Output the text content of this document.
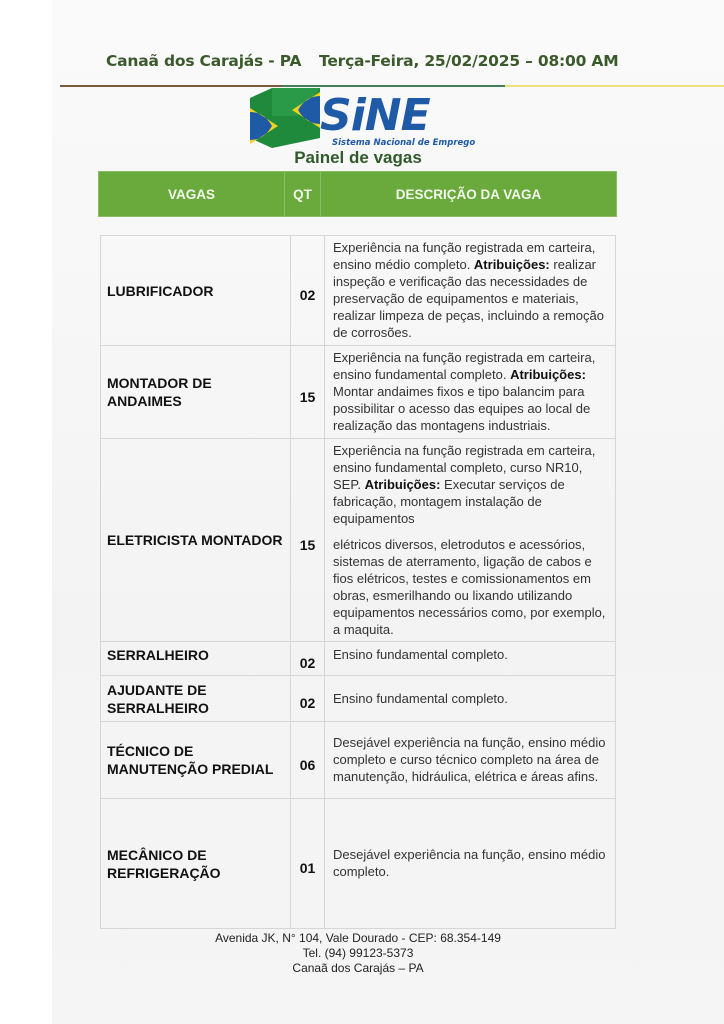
Canaã dos Carajás - PA Terça-Feira, 25/02/2025 – 08:00 AM
SiNE
Sistema Nacional de Emprego
Painel de vagas
VAGAS	QT	DESCRIÇÃO DA VAGA
LUBRIFICADOR	02	Experiência na função registrada em carteira, ensino médio completo. Atribuições: realizar inspeção e verificação das necessidades de preservação de equipamentos e materiais, realizar limpeza de peças, incluindo a remoção de corrosões.
MONTADOR DE ANDAIMES	15	Experiência na função registrada em carteira, ensino fundamental completo. Atribuições: Montar andaimes fixos e tipo balancim para possibilitar o acesso das equipes ao local de realização das montagens industriais.
ELETRICISTA MONTADOR	15	Experiência na função registrada em carteira, ensino fundamental completo, curso NR10, SEP. Atribuições: Executar serviços de fabricação, montagem instalação de equipamentos
elétricos diversos, eletrodutos e acessórios, sistemas de aterramento, ligação de cabos e fios elétricos, testes e comissionamentos em obras, esmerilhando ou lixando utilizando equipamentos necessários como, por exemplo, a maquita.
SERRALHEIRO	02	Ensino fundamental completo.
AJUDANTE DE SERRALHEIRO	02	Ensino fundamental completo.
TÉCNICO DE MANUTENÇÃO PREDIAL	06	Desejável experiência na função, ensino médio completo e curso técnico completo na área de manutenção, hidráulica, elétrica e áreas afins.
MECÂNICO DE REFRIGERAÇÃO	01	Desejável experiência na função, ensino médio completo.
Avenida JK, N° 104, Vale Dourado - CEP: 68.354-149
Tel. (94) 99123-5373
Canaã dos Carajás – PA
